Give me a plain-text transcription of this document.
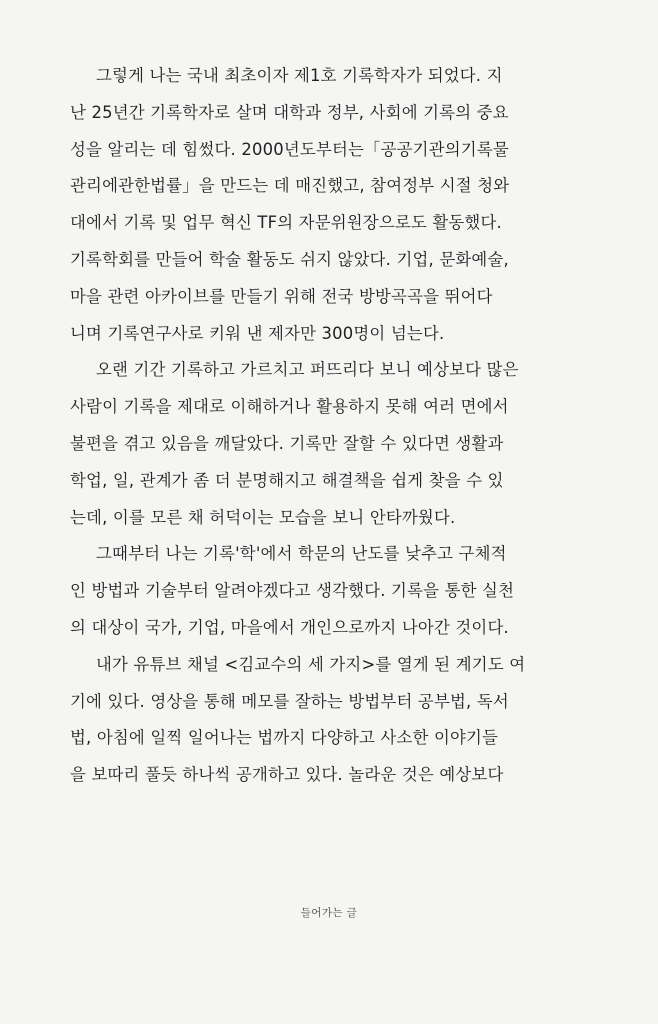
그렇게 나는 국내 최초이자 제1호 기록학자가 되었다. 지
난 25년간 기록학자로 살며 대학과 정부, 사회에 기록의 중요
성을 알리는 데 힘썼다. 2000년도부터는「공공기관의기록물
관리에관한법률」을 만드는 데 매진했고, 참여정부 시절 청와
대에서 기록 및 업무 혁신 TF의 자문위원장으로도 활동했다.
기록학회를 만들어 학술 활동도 쉬지 않았다. 기업, 문화예술,
마을 관련 아카이브를 만들기 위해 전국 방방곡곡을 뛰어다
니며 기록연구사로 키워 낸 제자만 300명이 넘는다.
오랜 기간 기록하고 가르치고 퍼뜨리다 보니 예상보다 많은
사람이 기록을 제대로 이해하거나 활용하지 못해 여러 면에서
불편을 겪고 있음을 깨달았다. 기록만 잘할 수 있다면 생활과
학업, 일, 관계가 좀 더 분명해지고 해결책을 쉽게 찾을 수 있
는데, 이를 모른 채 허덕이는 모습을 보니 안타까웠다.
그때부터 나는 기록'학'에서 학문의 난도를 낮추고 구체적
인 방법과 기술부터 알려야겠다고 생각했다. 기록을 통한 실천
의 대상이 국가, 기업, 마을에서 개인으로까지 나아간 것이다.
내가 유튜브 채널 <김교수의 세 가지>를 열게 된 계기도 여
기에 있다. 영상을 통해 메모를 잘하는 방법부터 공부법, 독서
법, 아침에 일찍 일어나는 법까지 다양하고 사소한 이야기들
을 보따리 풀듯 하나씩 공개하고 있다. 놀라운 것은 예상보다
들어가는 글
